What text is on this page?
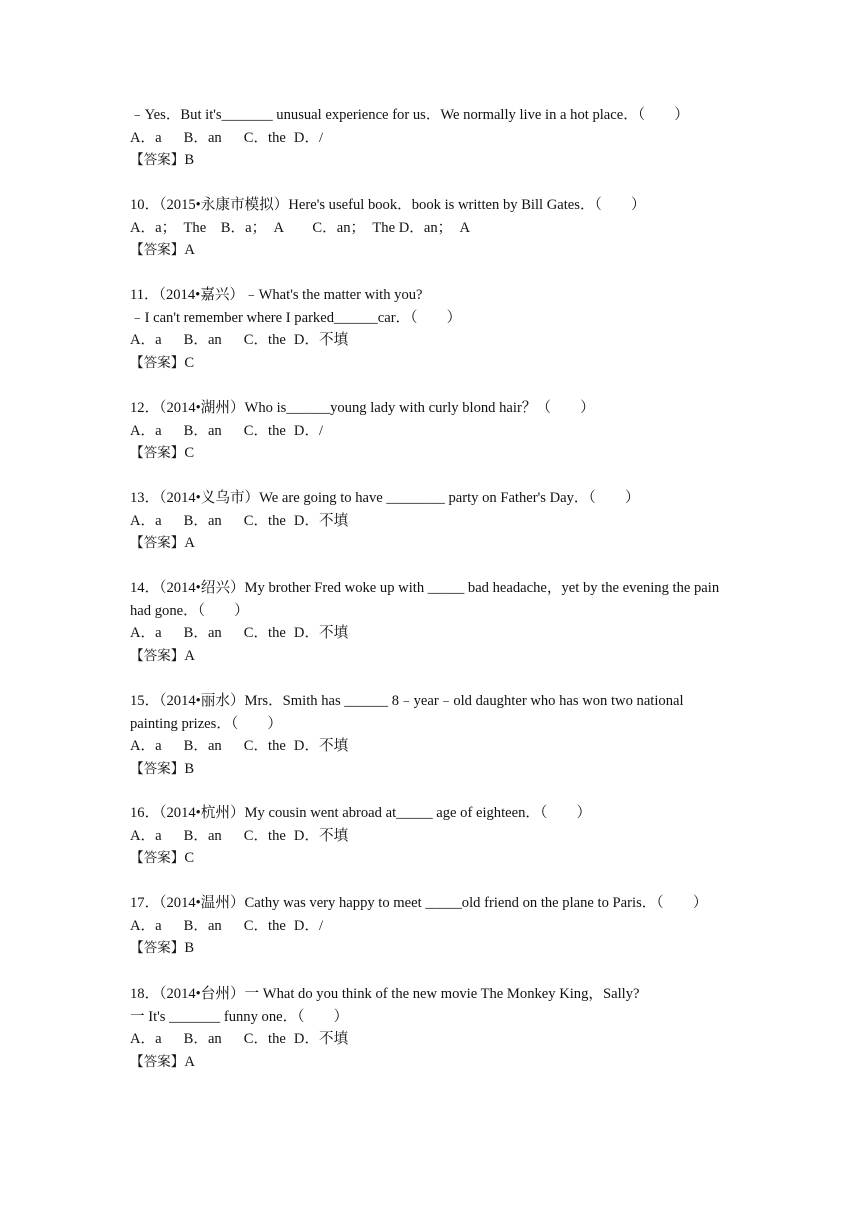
﹣Yes．But it's_______ unusual experience for us．We normally live in a hot place．（　　）
A．a B．an C．the D．/
【答案】B
10．（2015•永康市模拟）Here's useful book．book is written by Bill Gates．（　　）
A．a；　The　B．a；　A　　C．an；　The D．an；　A
【答案】A
11．（2014•嘉兴）﹣What's the matter with you?
﹣I can't remember where I parked______car．（　　）
A．a B．an C．the D．不填
【答案】C
12．（2014•湖州）Who is______young lady with curly blond hair？（　　）
A．a B．an C．the D．/
【答案】C
13．（2014•义乌市）We are going to have ________ party on Father's Day．（　　）
A．a B．an C．the D．不填
【答案】A
14．（2014•绍兴）My brother Fred woke up with _____ bad headache，yet by the evening the pain
had gone．（　　）
A．a B．an C．the D．不填
【答案】A
15．（2014•丽水）Mrs．Smith has ______ 8﹣year﹣old daughter who has won two national
painting prizes．（　　）
A．a B．an C．the D．不填
【答案】B
16．（2014•杭州）My cousin went abroad at_____ age of eighteen．（　　）
A．a B．an C．the D．不填
【答案】C
17．（2014•温州）Cathy was very happy to meet _____old friend on the plane to Paris．（　　）
A．a B．an C．the D．/
【答案】B
18．（2014•台州）一 What do you think of the new movie The Monkey King，Sally?
一 It's _______ funny one．（　　）
A．a B．an C．the D．不填
【答案】A
